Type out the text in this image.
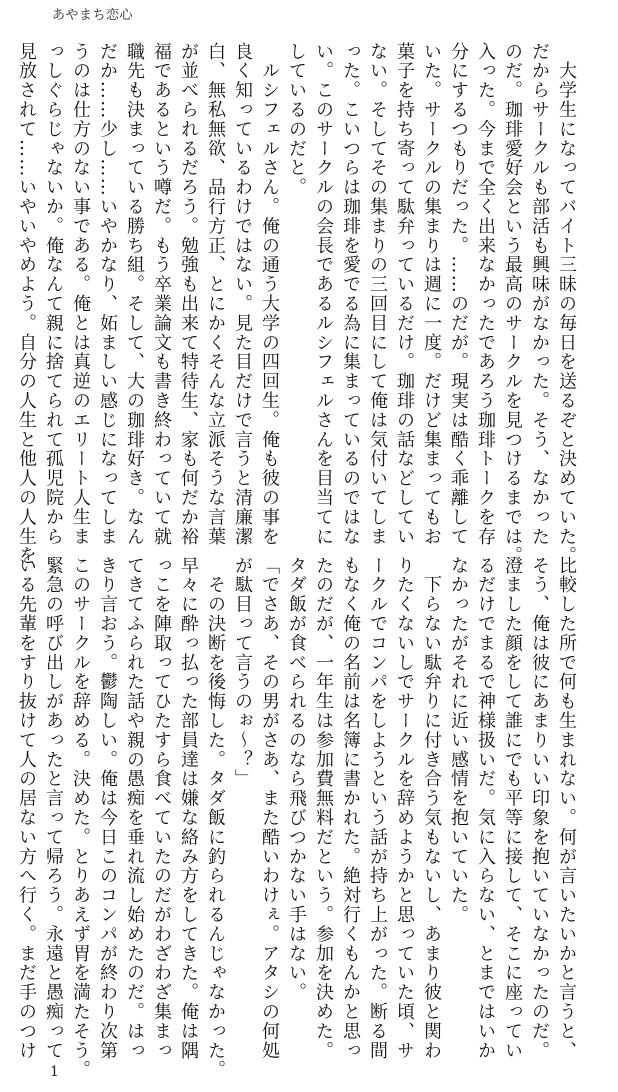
あやまち恋心
　大学生になってバイト三昧の毎日を送るぞと決めていた。
だからサークルも部活も興味がなかった。そう、なかった
のだ。珈琲愛好会という最高のサークルを見つけるまでは。
入った。今まで全く出来なかったであろう珈琲トークを存
分にするつもりだった。……のだが。現実は酷く乖離して
いた。サークルの集まりは週に一度。だけど集まってもお
菓子を持ち寄って駄弁っているだけ。珈琲の話などしてい
ない。そしてその集まりの三回目にして俺は気付いてしま
った。こいつらは珈琲を愛でる為に集まっているのではな
い。このサークルの会長であるルシフェルさんを目当てに
しているのだと。
　ルシフェルさん。俺の通う大学の四回生。俺も彼の事を
良く知っているわけではない。見た目だけで言うと清廉潔
白、無私無欲、品行方正、とにかくそんな立派そうな言葉
が並べられるだろう。勉強も出来て特待生、家も何だか裕
福であるという噂だ。もう卒業論文も書き終わっていて就
職先も決まっている勝ち組。そして、大の珈琲好き。なん
だか……少し……いやかなり、妬ましい感じになってしま
うのは仕方のない事である。俺とは真逆のエリート人生ま
っしぐらじゃないか。俺なんて親に捨てられて孤児院から
見放されて……いやいやめよう。自分の人生と他人の人生を
比較した所で何も生まれない。何が言いたいかと言うと、
そう、俺は彼にあまりいい印象を抱いていなかったのだ。
澄ました顔をして誰にでも平等に接して、そこに座ってい
るだけでまるで神様扱いだ。気に入らない、とまではいか
なかったがそれに近い感情を抱いていた。
　下らない駄弁りに付き合う気もないし、あまり彼と関わ
りたくないしでサークルを辞めようかと思っていた頃、サ
ークルでコンパをしようという話が持ち上がった。断る間
もなく俺の名前は名簿に書かれた。絶対行くもんかと思っ
たのだが、一年生は参加費無料だという。参加を決めた。
タダ飯が食べられるのなら飛びつかない手はない。
「でさあ、その男がさあ、また酷いわけぇ。アタシの何処
が駄目って言うのぉ～？」
　その決断を後悔した。タダ飯に釣られるんじゃなかった。
早々に酔っ払った部員達は嫌な絡み方をしてきた。俺は隅
っこを陣取ってひたすら食べていたのだがわざわざ集まっ
てきてふられた話や親の愚痴を垂れ流し始めたのだ。はっ
きり言おう。鬱陶しい。俺は今日このコンパが終わり次第
このサークルを辞める。決めた。とりあえず胃を満たそう。
緊急の呼び出しがあったと言って帰ろう。永遠と愚痴って
いる先輩をすり抜けて人の居ない方へ行く。まだ手のつけ
1
